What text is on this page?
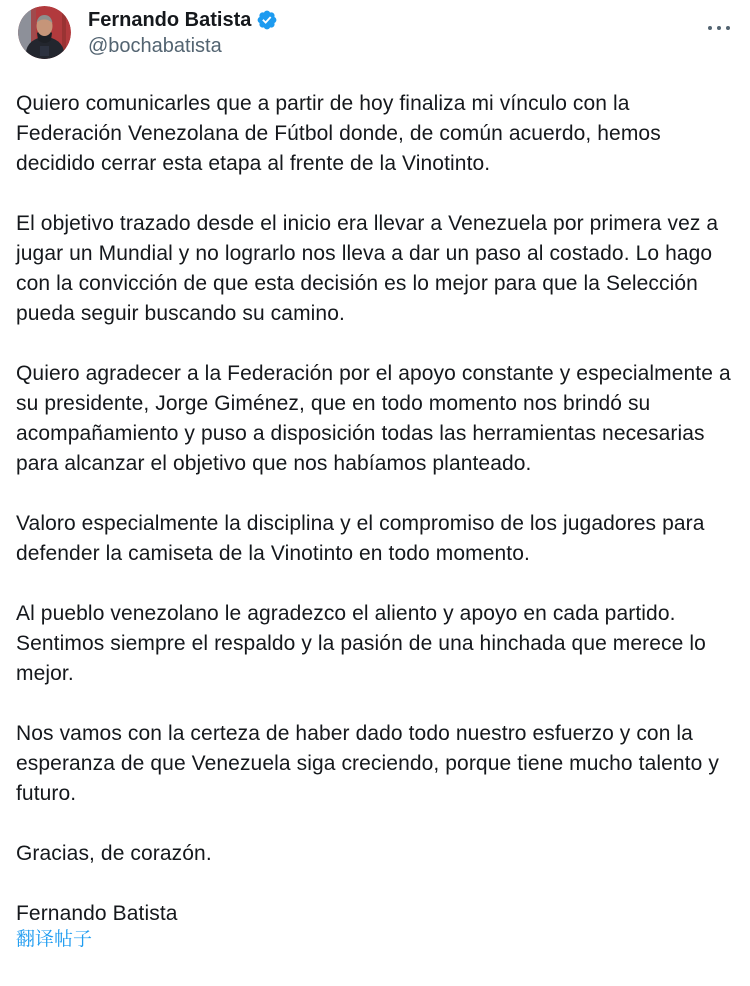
Fernando Batista
@bochabatista

Quiero comunicarles que a partir de hoy finaliza mi vínculo con la Federación Venezolana de Fútbol donde, de común acuerdo, hemos decidido cerrar esta etapa al frente de la Vinotinto.

El objetivo trazado desde el inicio era llevar a Venezuela por primera vez a jugar un Mundial y no lograrlo nos lleva a dar un paso al costado. Lo hago con la convicción de que esta decisión es lo mejor para que la Selección pueda seguir buscando su camino.

Quiero agradecer a la Federación por el apoyo constante y especialmente a su presidente, Jorge Giménez, que en todo momento nos brindó su acompañamiento y puso a disposición todas las herramientas necesarias para alcanzar el objetivo que nos habíamos planteado.

Valoro especialmente la disciplina y el compromiso de los jugadores para defender la camiseta de la Vinotinto en todo momento.

Al pueblo venezolano le agradezco el aliento y apoyo en cada partido. Sentimos siempre el respaldo y la pasión de una hinchada que merece lo mejor.

Nos vamos con la certeza de haber dado todo nuestro esfuerzo y con la esperanza de que Venezuela siga creciendo, porque tiene mucho talento y futuro.

Gracias, de corazón.

Fernando Batista

翻译帖子
